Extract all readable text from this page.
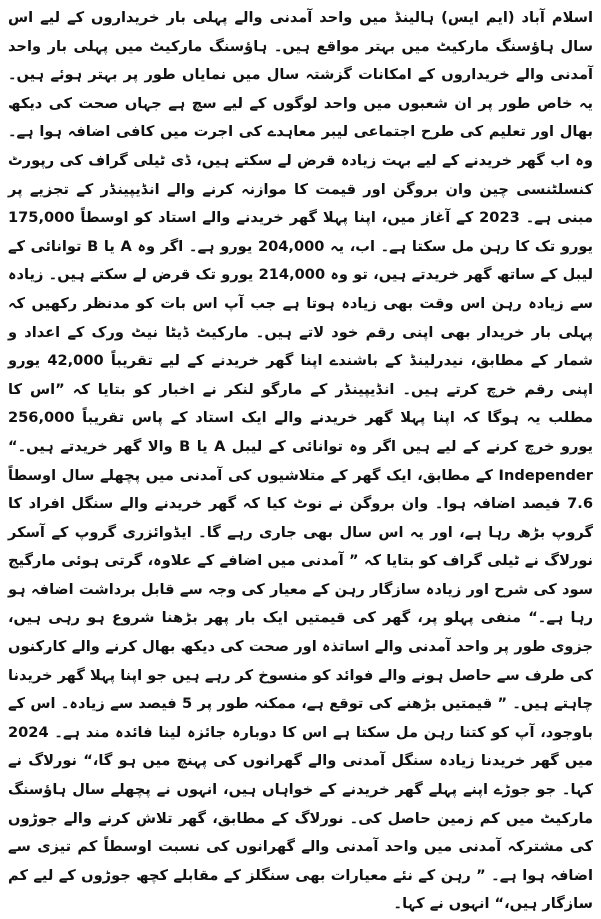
اسلام آباد (ایم ایس) ہالینڈ میں واحد آمدنی والے پہلی بار خریداروں کے لیے اس سال ہاؤسنگ مارکیٹ میں بہتر مواقع ہیں۔ ہاؤسنگ مارکیٹ میں پہلی بار واحد آمدنی والے خریداروں کے امکانات گزشتہ سال میں نمایاں طور پر بہتر ہوئے ہیں۔ یہ خاص طور پر ان شعبوں میں واحد لوگوں کے لیے سچ ہے جہاں صحت کی دیکھ بھال اور تعلیم کی طرح اجتماعی لیبر معاہدے کی اجرت میں کافی اضافہ ہوا ہے۔ وہ اب گھر خریدنے کے لیے بہت زیادہ قرض لے سکتے ہیں، ڈی ٹیلی گراف کی رپورٹ کنسلٹنسی چین وان بروگن اور قیمت کا موازنہ کرنے والے انڈیپینڈر کے تجزیے پر مبنی ہے۔ 2023 کے آغاز میں، اپنا پہلا گھر خریدنے والے استاد کو اوسطاً 175,000 یورو تک کا رہن مل سکتا ہے۔ اب، یہ 204,000 یورو ہے۔ اگر وہ A یا B توانائی کے لیبل کے ساتھ گھر خریدتے ہیں، تو وہ 214,000 یورو تک قرض لے سکتے ہیں۔ زیادہ سے زیادہ رہن اس وقت بھی زیادہ ہوتا ہے جب آپ اس بات کو مدنظر رکھیں کہ پہلی بار خریدار بھی اپنی رقم خود لاتے ہیں۔ مارکیٹ ڈیٹا نیٹ ورک کے اعداد و شمار کے مطابق، نیدرلینڈ کے باشندے اپنا گھر خریدنے کے لیے تقریباً 42,000 یورو اپنی رقم خرچ کرتے ہیں۔ انڈیپینڈر کے مارگو لنکر نے اخبار کو بتایا کہ ”اس کا مطلب یہ ہوگا کہ اپنا پہلا گھر خریدنے والے ایک استاد کے پاس تقریباً 256,000 یورو خرچ کرنے کے لیے ہیں اگر وہ توانائی کے لیبل A یا B والا گھر خریدتے ہیں۔“ Independer کے مطابق، ایک گھر کے متلاشیوں کی آمدنی میں پچھلے سال اوسطاً 7.6 فیصد اضافہ ہوا۔ وان بروگن نے نوٹ کیا کہ گھر خریدنے والے سنگل افراد کا گروپ بڑھ رہا ہے، اور یہ اس سال بھی جاری رہے گا۔ ایڈوائزری گروپ کے آسکر نورلاگ نے ٹیلی گراف کو بتایا کہ ” آمدنی میں اضافے کے علاوہ، گرتی ہوئی مارگیج سود کی شرح اور زیادہ سازگار رہن کے معیار کی وجہ سے قابل برداشت اضافہ ہو رہا ہے۔“ منفی پہلو پر، گھر کی قیمتیں ایک بار پھر بڑھنا شروع ہو رہی ہیں، جزوی طور پر واحد آمدنی والے اساتذہ اور صحت کی دیکھ بھال کرنے والے کارکنوں کی طرف سے حاصل ہونے والے فوائد کو منسوخ کر رہے ہیں جو اپنا پہلا گھر خریدنا چاہتے ہیں۔ ” قیمتیں بڑھنے کی توقع ہے، ممکنہ طور پر 5 فیصد سے زیادہ۔ اس کے باوجود، آپ کو کتنا رہن مل سکتا ہے اس کا دوبارہ جائزہ لینا فائدہ مند ہے۔ 2024 میں گھر خریدنا زیادہ سنگل آمدنی والے گھرانوں کی پہنچ میں ہو گا،“ نورلاگ نے کہا۔ جو جوڑے اپنے پہلے گھر خریدنے کے خواہاں ہیں، انہوں نے پچھلے سال ہاؤسنگ مارکیٹ میں کم زمین حاصل کی۔ نورلاگ کے مطابق، گھر تلاش کرنے والے جوڑوں کی مشترکہ آمدنی میں واحد آمدنی والے گھرانوں کی نسبت اوسطاً کم تیزی سے اضافہ ہوا ہے۔ ” رہن کے نئے معیارات بھی سنگلز کے مقابلے کچھ جوڑوں کے لیے کم سازگار ہیں،“ انہوں نے کہا۔
